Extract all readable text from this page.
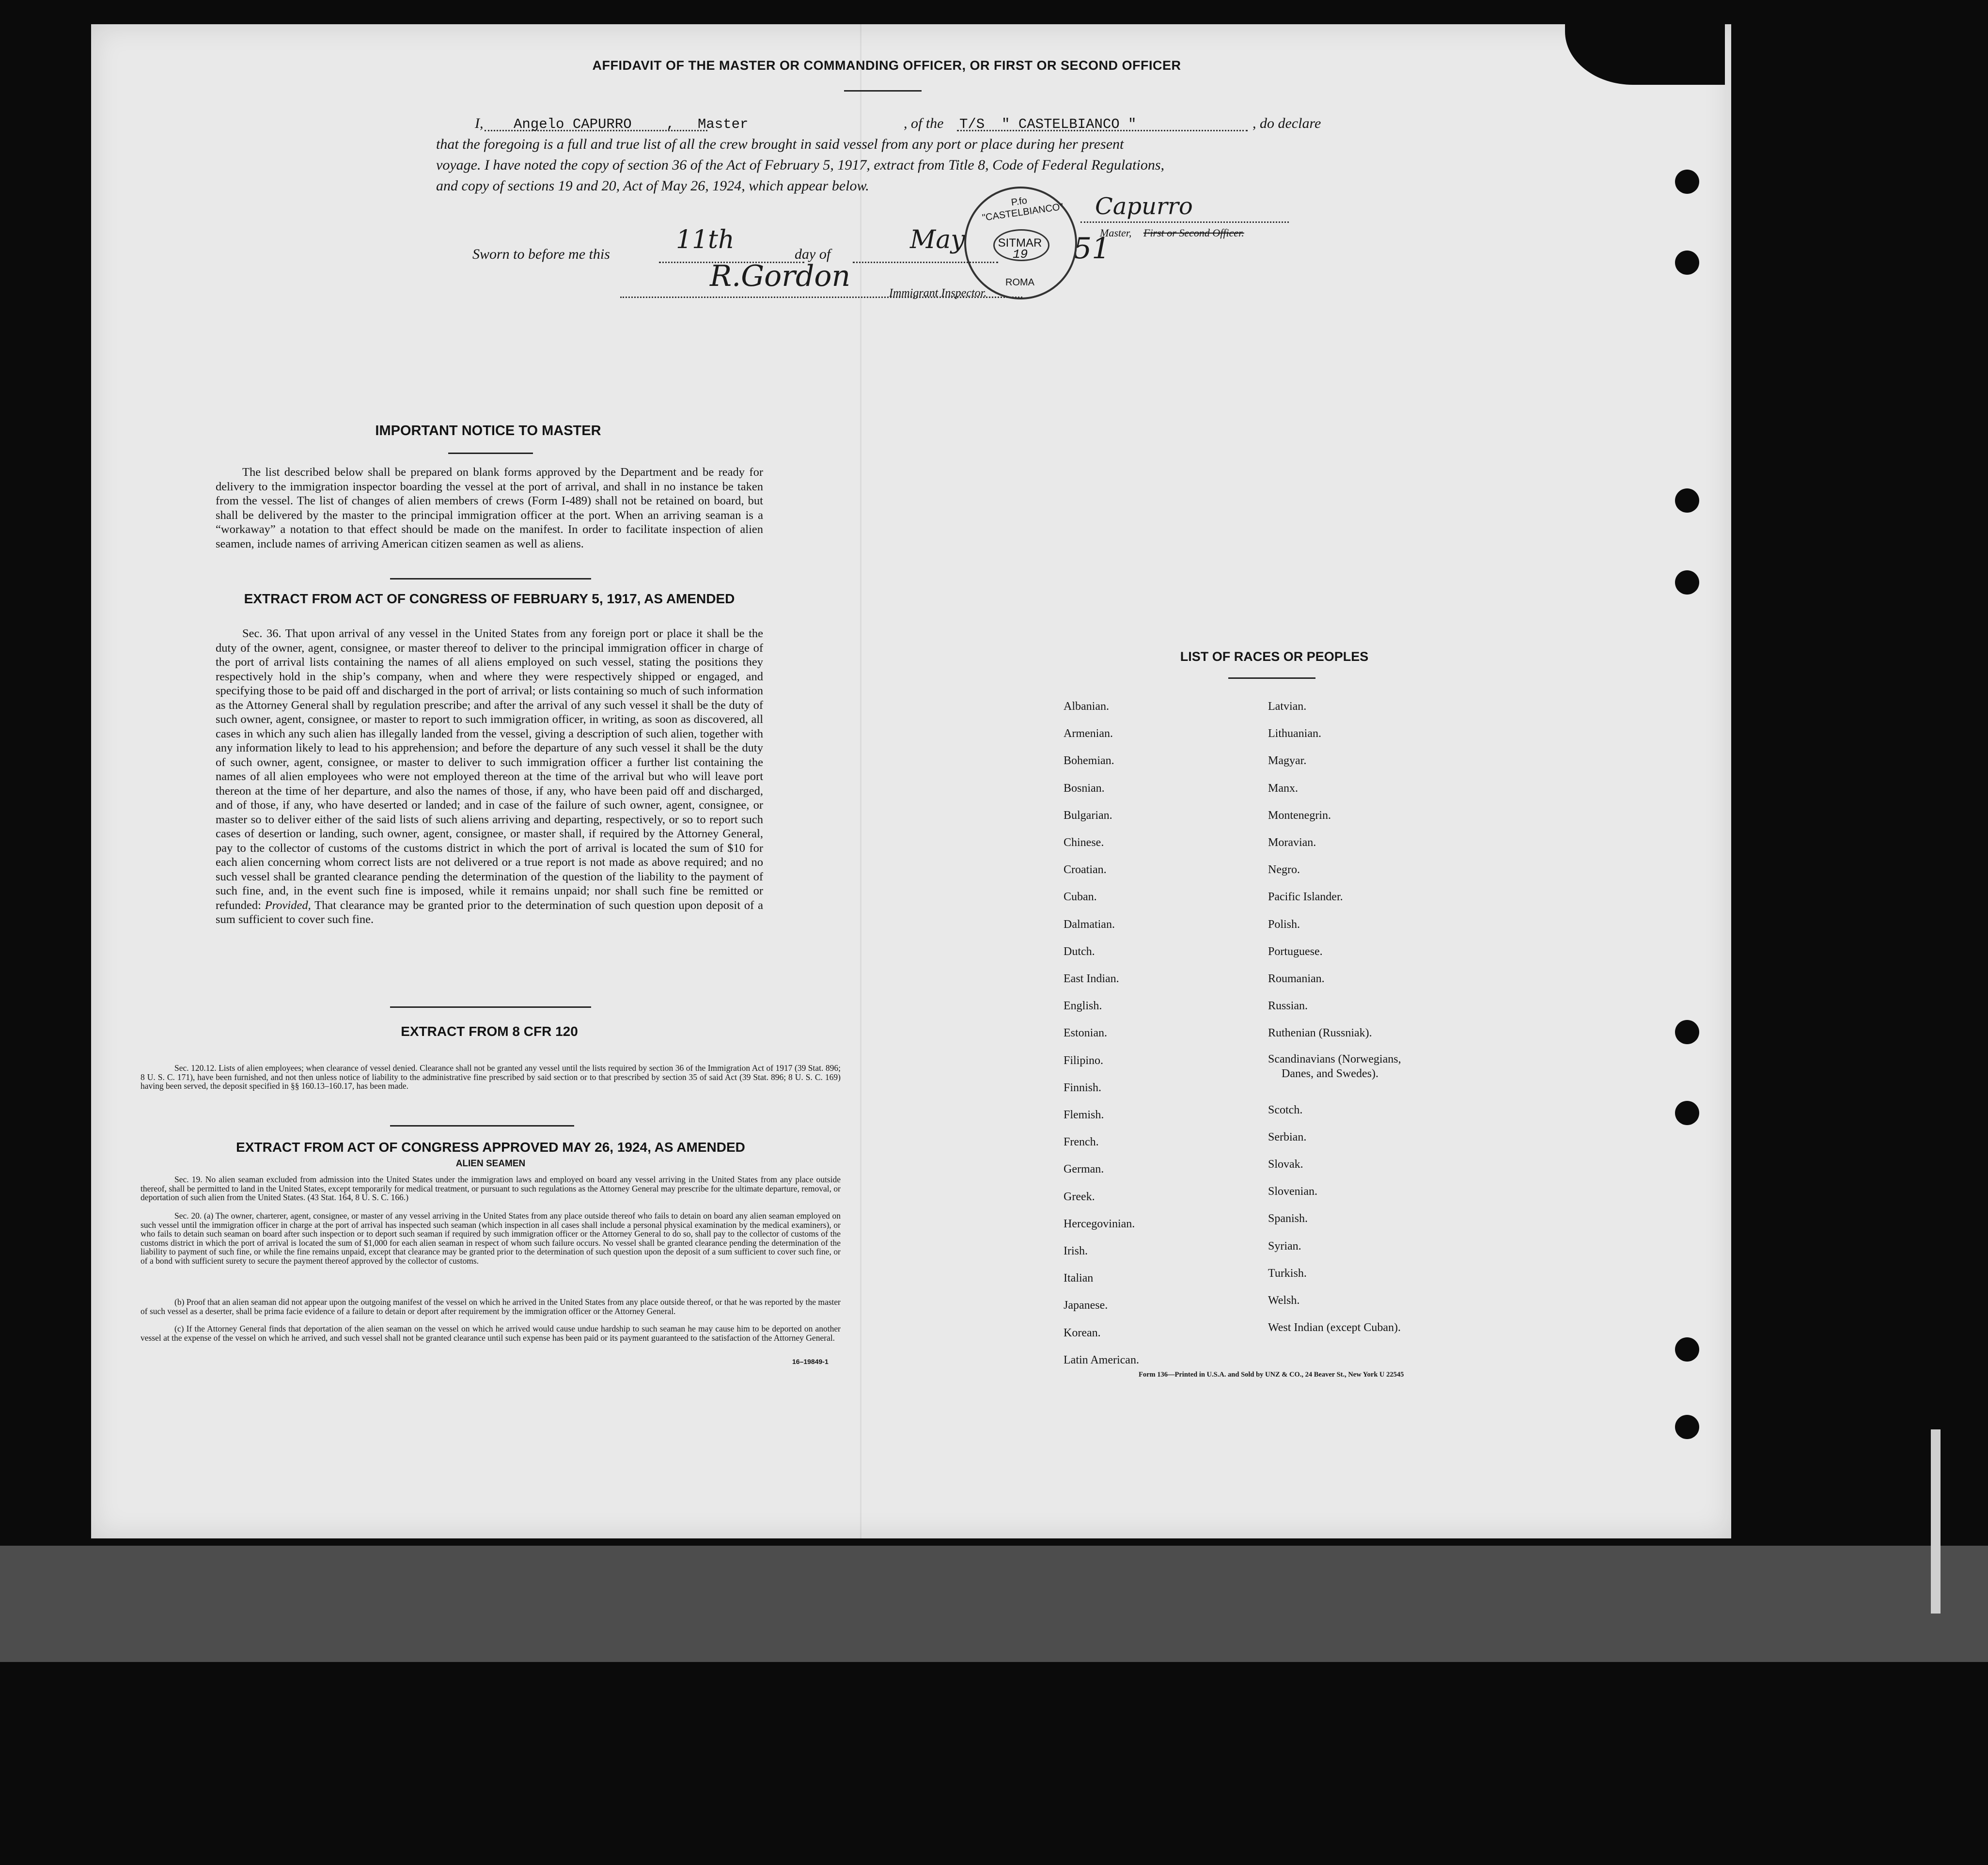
AFFIDAVIT OF THE MASTER OR COMMANDING OFFICER, OR FIRST OR SECOND OFFICER
I, Angelo CAPURRO , Master	, of the T/S  " CASTELBIANCO "	, do declare
that the foregoing is a full and true list of all the crew brought in said vessel from any port or place during her present
voyage. I have noted the copy of section 36 of the Act of February 5, 1917, extract from Title 8, Code of Federal Regulations,
and copy of sections 19 and 20, Act of May 26, 1924, which appear below.
Sworn to before me this	11th	day of	May	19 51
Capurro
Master, First or Second Officer.
R.Gordon	Immigrant Inspector.
P.fo "CASTELBIANCO"
SITMAR
ROMA
IMPORTANT NOTICE TO MASTER
The list described below shall be prepared on blank forms approved by the Department and be ready for delivery to the immigration inspector boarding the vessel at the port of arrival, and shall in no instance be taken from the vessel. The list of changes of alien members of crews (Form I-489) shall not be retained on board, but shall be delivered by the master to the principal immigration officer at the port. When an arriving seaman is a “workaway” a notation to that effect should be made on the manifest. In order to facilitate inspection of alien seamen, include names of arriving American citizen seamen as well as aliens.
EXTRACT FROM ACT OF CONGRESS OF FEBRUARY 5, 1917, AS AMENDED
Sec. 36. That upon arrival of any vessel in the United States from any foreign port or place it shall be the duty of the owner, agent, consignee, or master thereof to deliver to the principal immigration officer in charge of the port of arrival lists containing the names of all aliens employed on such vessel, stating the positions they respectively hold in the ship’s company, when and where they were respectively shipped or engaged, and specifying those to be paid off and discharged in the port of arrival; or lists containing so much of such information as the Attorney General shall by regulation prescribe; and after the arrival of any such vessel it shall be the duty of such owner, agent, consignee, or master to report to such immigration officer, in writing, as soon as discovered, all cases in which any such alien has illegally landed from the vessel, giving a description of such alien, together with any information likely to lead to his apprehension; and before the departure of any such vessel it shall be the duty of such owner, agent, consignee, or master to deliver to such immigration officer a further list containing the names of all alien employees who were not employed thereon at the time of the arrival but who will leave port thereon at the time of her departure, and also the names of those, if any, who have been paid off and discharged, and of those, if any, who have deserted or landed; and in case of the failure of such owner, agent, consignee, or master so to deliver either of the said lists of such aliens arriving and departing, respectively, or so to report such cases of desertion or landing, such owner, agent, consignee, or master shall, if required by the Attorney General, pay to the collector of customs of the customs district in which the port of arrival is located the sum of $10 for each alien concerning whom correct lists are not delivered or a true report is not made as above required; and no such vessel shall be granted clearance pending the determination of the question of the liability to the payment of such fine, and, in the event such fine is imposed, while it remains unpaid; nor shall such fine be remitted or refunded: Provided, That clearance may be granted prior to the determination of such question upon deposit of a sum sufficient to cover such fine.
EXTRACT FROM 8 CFR 120
Sec. 120.12. Lists of alien employees; when clearance of vessel denied. Clearance shall not be granted any vessel until the lists required by section 36 of the Immigration Act of 1917 (39 Stat. 896; 8 U. S. C. 171), have been furnished, and not then unless notice of liability to the administrative fine prescribed by said section or to that prescribed by section 35 of said Act (39 Stat. 896; 8 U. S. C. 169) having been served, the deposit specified in §§ 160.13–160.17, has been made.
EXTRACT FROM ACT OF CONGRESS APPROVED MAY 26, 1924, AS AMENDED
ALIEN SEAMEN
Sec. 19. No alien seaman excluded from admission into the United States under the immigration laws and employed on board any vessel arriving in the United States from any place outside thereof, shall be permitted to land in the United States, except temporarily for medical treatment, or pursuant to such regulations as the Attorney General may prescribe for the ultimate departure, removal, or deportation of such alien from the United States. (43 Stat. 164, 8 U. S. C. 166.)
Sec. 20. (a) The owner, charterer, agent, consignee, or master of any vessel arriving in the United States from any place outside thereof who fails to detain on board any alien seaman employed on such vessel until the immigration officer in charge at the port of arrival has inspected such seaman (which inspection in all cases shall include a personal physical examination by the medical examiners), or who fails to detain such seaman on board after such inspection or to deport such seaman if required by such immigration officer or the Attorney General to do so, shall pay to the collector of customs of the customs district in which the port of arrival is located the sum of $1,000 for each alien seaman in respect of whom such failure occurs. No vessel shall be granted clearance pending the determination of the liability to payment of such fine, or while the fine remains unpaid, except that clearance may be granted prior to the determination of such question upon the deposit of a sum sufficient to cover such fine, or of a bond with sufficient surety to secure the payment thereof approved by the collector of customs.
(b) Proof that an alien seaman did not appear upon the outgoing manifest of the vessel on which he arrived in the United States from any place outside thereof, or that he was reported by the master of such vessel as a deserter, shall be prima facie evidence of a failure to detain or deport after requirement by the immigration officer or the Attorney General.
(c) If the Attorney General finds that deportation of the alien seaman on the vessel on which he arrived would cause undue hardship to such seaman he may cause him to be deported on another vessel at the expense of the vessel on which he arrived, and such vessel shall not be granted clearance until such expense has been paid or its payment guaranteed to the satisfaction of the Attorney General.
16–19849-1
LIST OF RACES OR PEOPLES
Albanian.
Armenian.
Bohemian.
Bosnian.
Bulgarian.
Chinese.
Croatian.
Cuban.
Dalmatian.
Dutch.
East Indian.
English.
Estonian.
Filipino.
Finnish.
Flemish.
French.
German.
Greek.
Hercegovinian.
Irish.
Italian
Japanese.
Korean.
Latin American.
Latvian.
Lithuanian.
Magyar.
Manx.
Montenegrin.
Moravian.
Negro.
Pacific Islander.
Polish.
Portuguese.
Roumanian.
Russian.
Ruthenian (Russniak).
Scandinavians (Norwegians,
Danes, and Swedes).
Scotch.
Serbian.
Slovak.
Slovenian.
Spanish.
Syrian.
Turkish.
Welsh.
West Indian (except Cuban).
Form 136—Printed in U.S.A. and Sold by UNZ & CO., 24 Beaver St., New York U 22545
